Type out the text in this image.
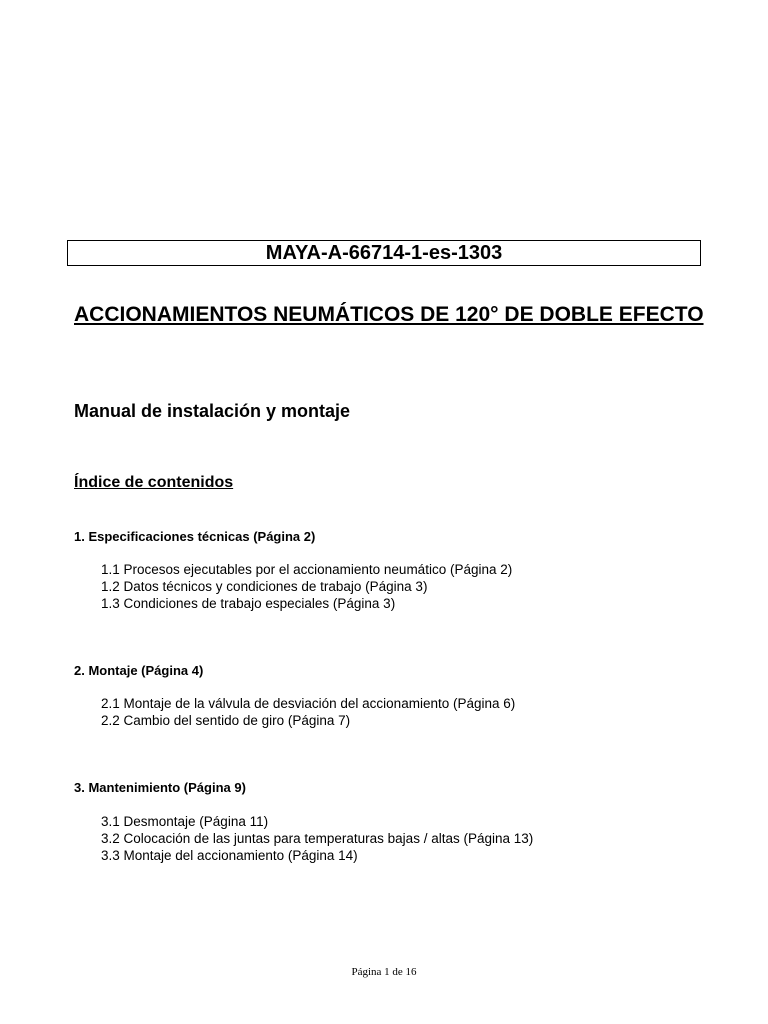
MAYA-A-66714-1-es-1303
ACCIONAMIENTOS NEUMÁTICOS DE 120° DE DOBLE EFECTO
Manual de instalación y montaje
Índice de contenidos

1. Especificaciones técnicas (Página 2)

1.1 Procesos ejecutables por el accionamiento neumático (Página 2)
1.2 Datos técnicos y condiciones de trabajo (Página 3)
1.3 Condiciones de trabajo especiales (Página 3)

2. Montaje (Página 4)

2.1 Montaje de la válvula de desviación del accionamiento (Página 6)
2.2 Cambio del sentido de giro (Página 7)

3. Mantenimiento (Página 9)

3.1 Desmontaje (Página 11)
3.2 Colocación de las juntas para temperaturas bajas / altas (Página 13)
3.3 Montaje del accionamiento (Página 14)
Página 1 de 16
